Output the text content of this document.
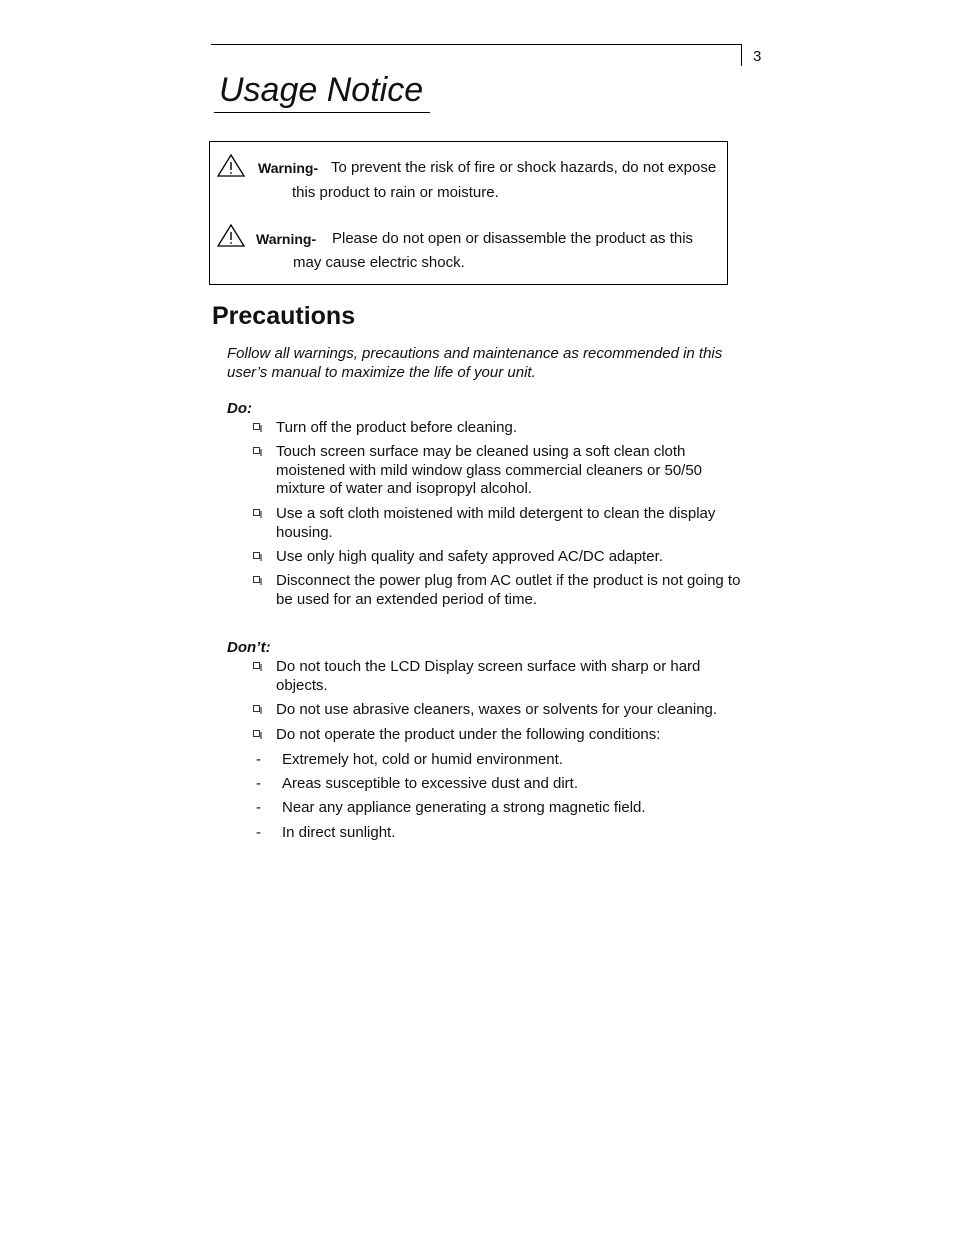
3
Usage Notice
Warning- To prevent the risk of fire or shock hazards, do not expose
this product to rain or moisture.
Warning- Please do not open or disassemble the product as this
may cause electric shock.
Precautions
Follow all warnings, precautions and maintenance as recommended in this user’s manual to maximize the life of your unit.
Do:
Turn off the product before cleaning.
Touch screen surface may be cleaned using a soft clean cloth moistened with mild window glass commercial cleaners or 50/50 mixture of water and isopropyl alcohol.
Use a soft cloth moistened with mild detergent to clean the display housing.
Use only high quality and safety approved AC/DC adapter.
Disconnect the power plug from AC outlet if the product is not going to be used for an extended period of time.
Don’t:
Do not touch the LCD Display screen surface with sharp or hard objects.
Do not use abrasive cleaners, waxes or solvents for your cleaning.
Do not operate the product under the following conditions:
- Extremely hot, cold or humid environment.
- Areas susceptible to excessive dust and dirt.
- Near any appliance generating a strong magnetic field.
- In direct sunlight.
